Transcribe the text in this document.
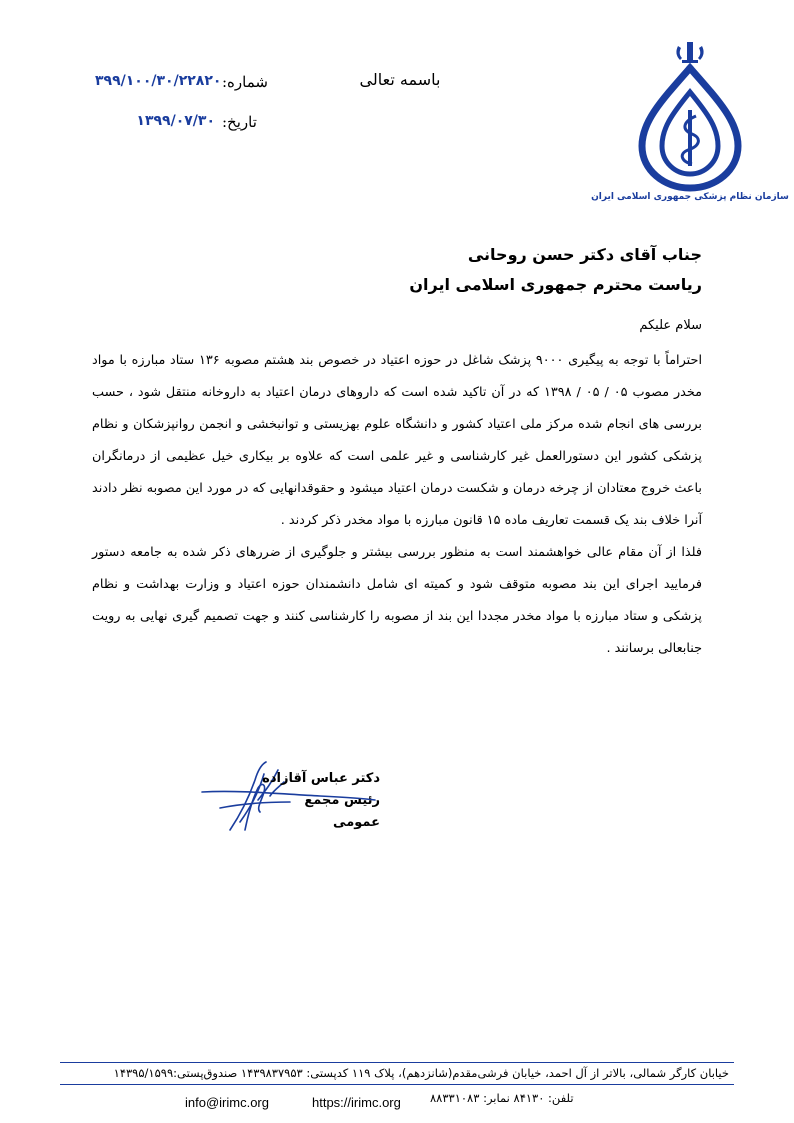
باسمه تعالی
شماره:
۳۹۹/۱۰۰/۳۰/۲۲۸۲۰
تاریخ:
۱۳۹۹/۰۷/۳۰
سازمان نظام پزشکی جمهوری اسلامی ایران
جناب آقای دکتر حسن روحانی
ریاست محترم جمهوری اسلامی ایران
سلام علیکم

احتراماً با توجه به پیگیری ۹۰۰۰ پزشک شاغل در حوزه اعتیاد در خصوص بند هشتم مصوبه ۱۳۶ ستاد مبارزه با مواد مخدر مصوب ۰۵ / ۰۵ / ۱۳۹۸ که در آن تاکید شده است که داروهای درمان اعتیاد به داروخانه منتقل شود ، حسب بررسی های انجام شده مرکز ملی اعتیاد کشور و دانشگاه علوم بهزیستی و توانبخشی و انجمن روانپزشکان و نظام پزشکی کشور این دستورالعمل غیر کارشناسی و غیر علمی است که علاوه بر بیکاری خیل عظیمی از درمانگران باعث خروج معتادان از چرخه درمان و شکست درمان اعتیاد میشود و حقوقدانهایی که در مورد این مصوبه نظر دادند آنرا خلاف بند یک قسمت تعاریف ماده ۱۵ قانون مبارزه با مواد مخدر ذکر کردند .

فلذا از آن مقام عالی خواهشمند است به منظور بررسی بیشتر و جلوگیری از ضررهای ذکر شده به جامعه دستور فرمایید اجرای این بند مصوبه متوقف شود و کمیته ای شامل دانشمندان حوزه اعتیاد و وزارت بهداشت و نظام پزشکی و ستاد مبارزه با مواد مخدر مجددا این بند از مصوبه را کارشناسی کنند و جهت تصمیم گیری نهایی به رویت جنابعالی برسانند .

دکتر عباس آقازاده
رئیس مجمع عمومی
خیابان کارگر شمالی، بالاتر از آل احمد، خیابان فرشی‌مقدم(شانزدهم)، پلاک ۱۱۹ کدپستی: ۱۴۳۹۸۳۷۹۵۳ صندوق‌پستی:۱۴۳۹۵/۱۵۹۹
تلفن: ۸۴۱۳۰ نمابر: ۸۸۳۳۱۰۸۳
info@irimc.org	https://irimc.org
